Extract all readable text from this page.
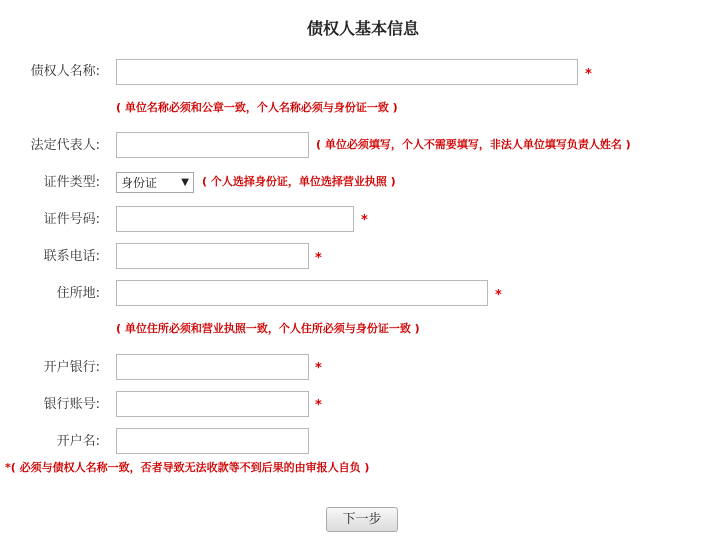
债权人基本信息
债权人名称:	*
( 单位名称必须和公章一致，个人名称必须与身份证一致 )
法定代表人:	( 单位必须填写，个人不需要填写，非法人单位填写负责人姓名 )
证件类型: 身份证 ▼ ( 个人选择身份证，单位选择营业执照 )
证件号码:	*
联系电话:	*
住所地:	*
( 单位住所必须和营业执照一致，个人住所必须与身份证一致 )
开户银行:	*
银行账号:	*
开户名:
*( 必须与债权人名称一致，否者导致无法收款等不到后果的由审报人自负 )
下一步
